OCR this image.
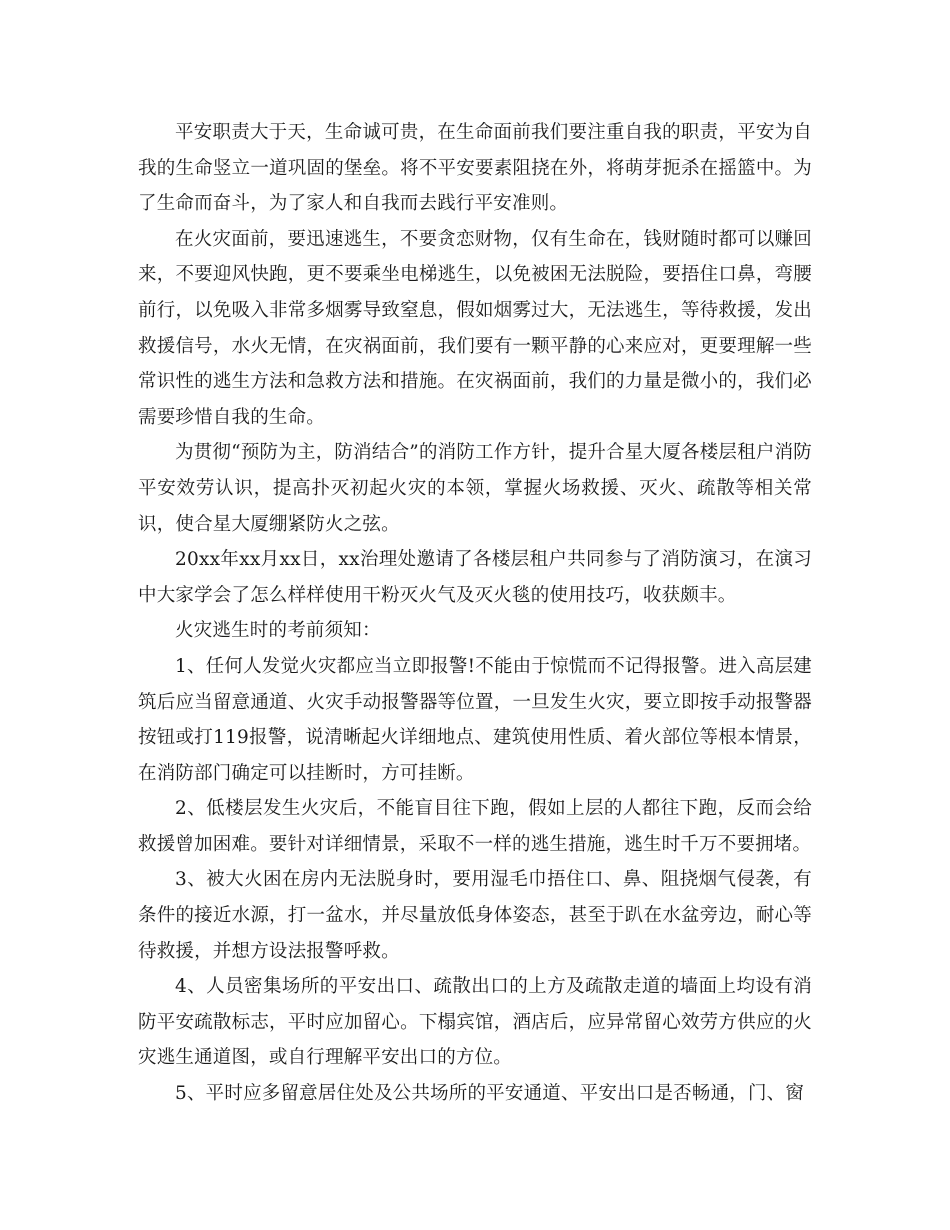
平安职责大于天，生命诚可贵，在生命面前我们要注重自我的职责，平安为自我的生命竖立一道巩固的堡垒。将不平安要素阻挠在外，将萌芽扼杀在摇篮中。为了生命而奋斗，为了家人和自我而去践行平安准则。

在火灾面前，要迅速逃生，不要贪恋财物，仅有生命在，钱财随时都可以赚回来，不要迎风快跑，更不要乘坐电梯逃生，以免被困无法脱险，要捂住口鼻，弯腰前行，以免吸入非常多烟雾导致窒息，假如烟雾过大，无法逃生，等待救援，发出救援信号，水火无情，在灾祸面前，我们要有一颗平静的心来应对，更要理解一些常识性的逃生方法和急救方法和措施。在灾祸面前，我们的力量是微小的，我们必需要珍惜自我的生命。

为贯彻“预防为主，防消结合”的消防工作方针，提升合星大厦各楼层租户消防平安效劳认识，提高扑灭初起火灾的本领，掌握火场救援、灭火、疏散等相关常识，使合星大厦绷紧防火之弦。

20xx年xx月xx日，xx治理处邀请了各楼层租户共同参与了消防演习，在演习中大家学会了怎么样样使用干粉灭火气及灭火毯的使用技巧，收获颇丰。

火灾逃生时的考前须知：

1、任何人发觉火灾都应当立即报警!不能由于惊慌而不记得报警。进入高层建筑后应当留意通道、火灾手动报警器等位置，一旦发生火灾，要立即按手动报警器按钮或打119报警，说清晰起火详细地点、建筑使用性质、着火部位等根本情景，在消防部门确定可以挂断时，方可挂断。

2、低楼层发生火灾后，不能盲目往下跑，假如上层的人都往下跑，反而会给救援曾加困难。要针对详细情景，采取不一样的逃生措施，逃生时千万不要拥堵。

3、被大火困在房内无法脱身时，要用湿毛巾捂住口、鼻、阻挠烟气侵袭，有条件的接近水源，打一盆水，并尽量放低身体姿态，甚至于趴在水盆旁边，耐心等待救援，并想方设法报警呼救。

4、人员密集场所的平安出口、疏散出口的上方及疏散走道的墙面上均设有消防平安疏散标志，平时应加留心。下榻宾馆，酒店后，应异常留心效劳方供应的火灾逃生通道图，或自行理解平安出口的方位。

5、平时应多留意居住处及公共场所的平安通道、平安出口是否畅通，门、窗
